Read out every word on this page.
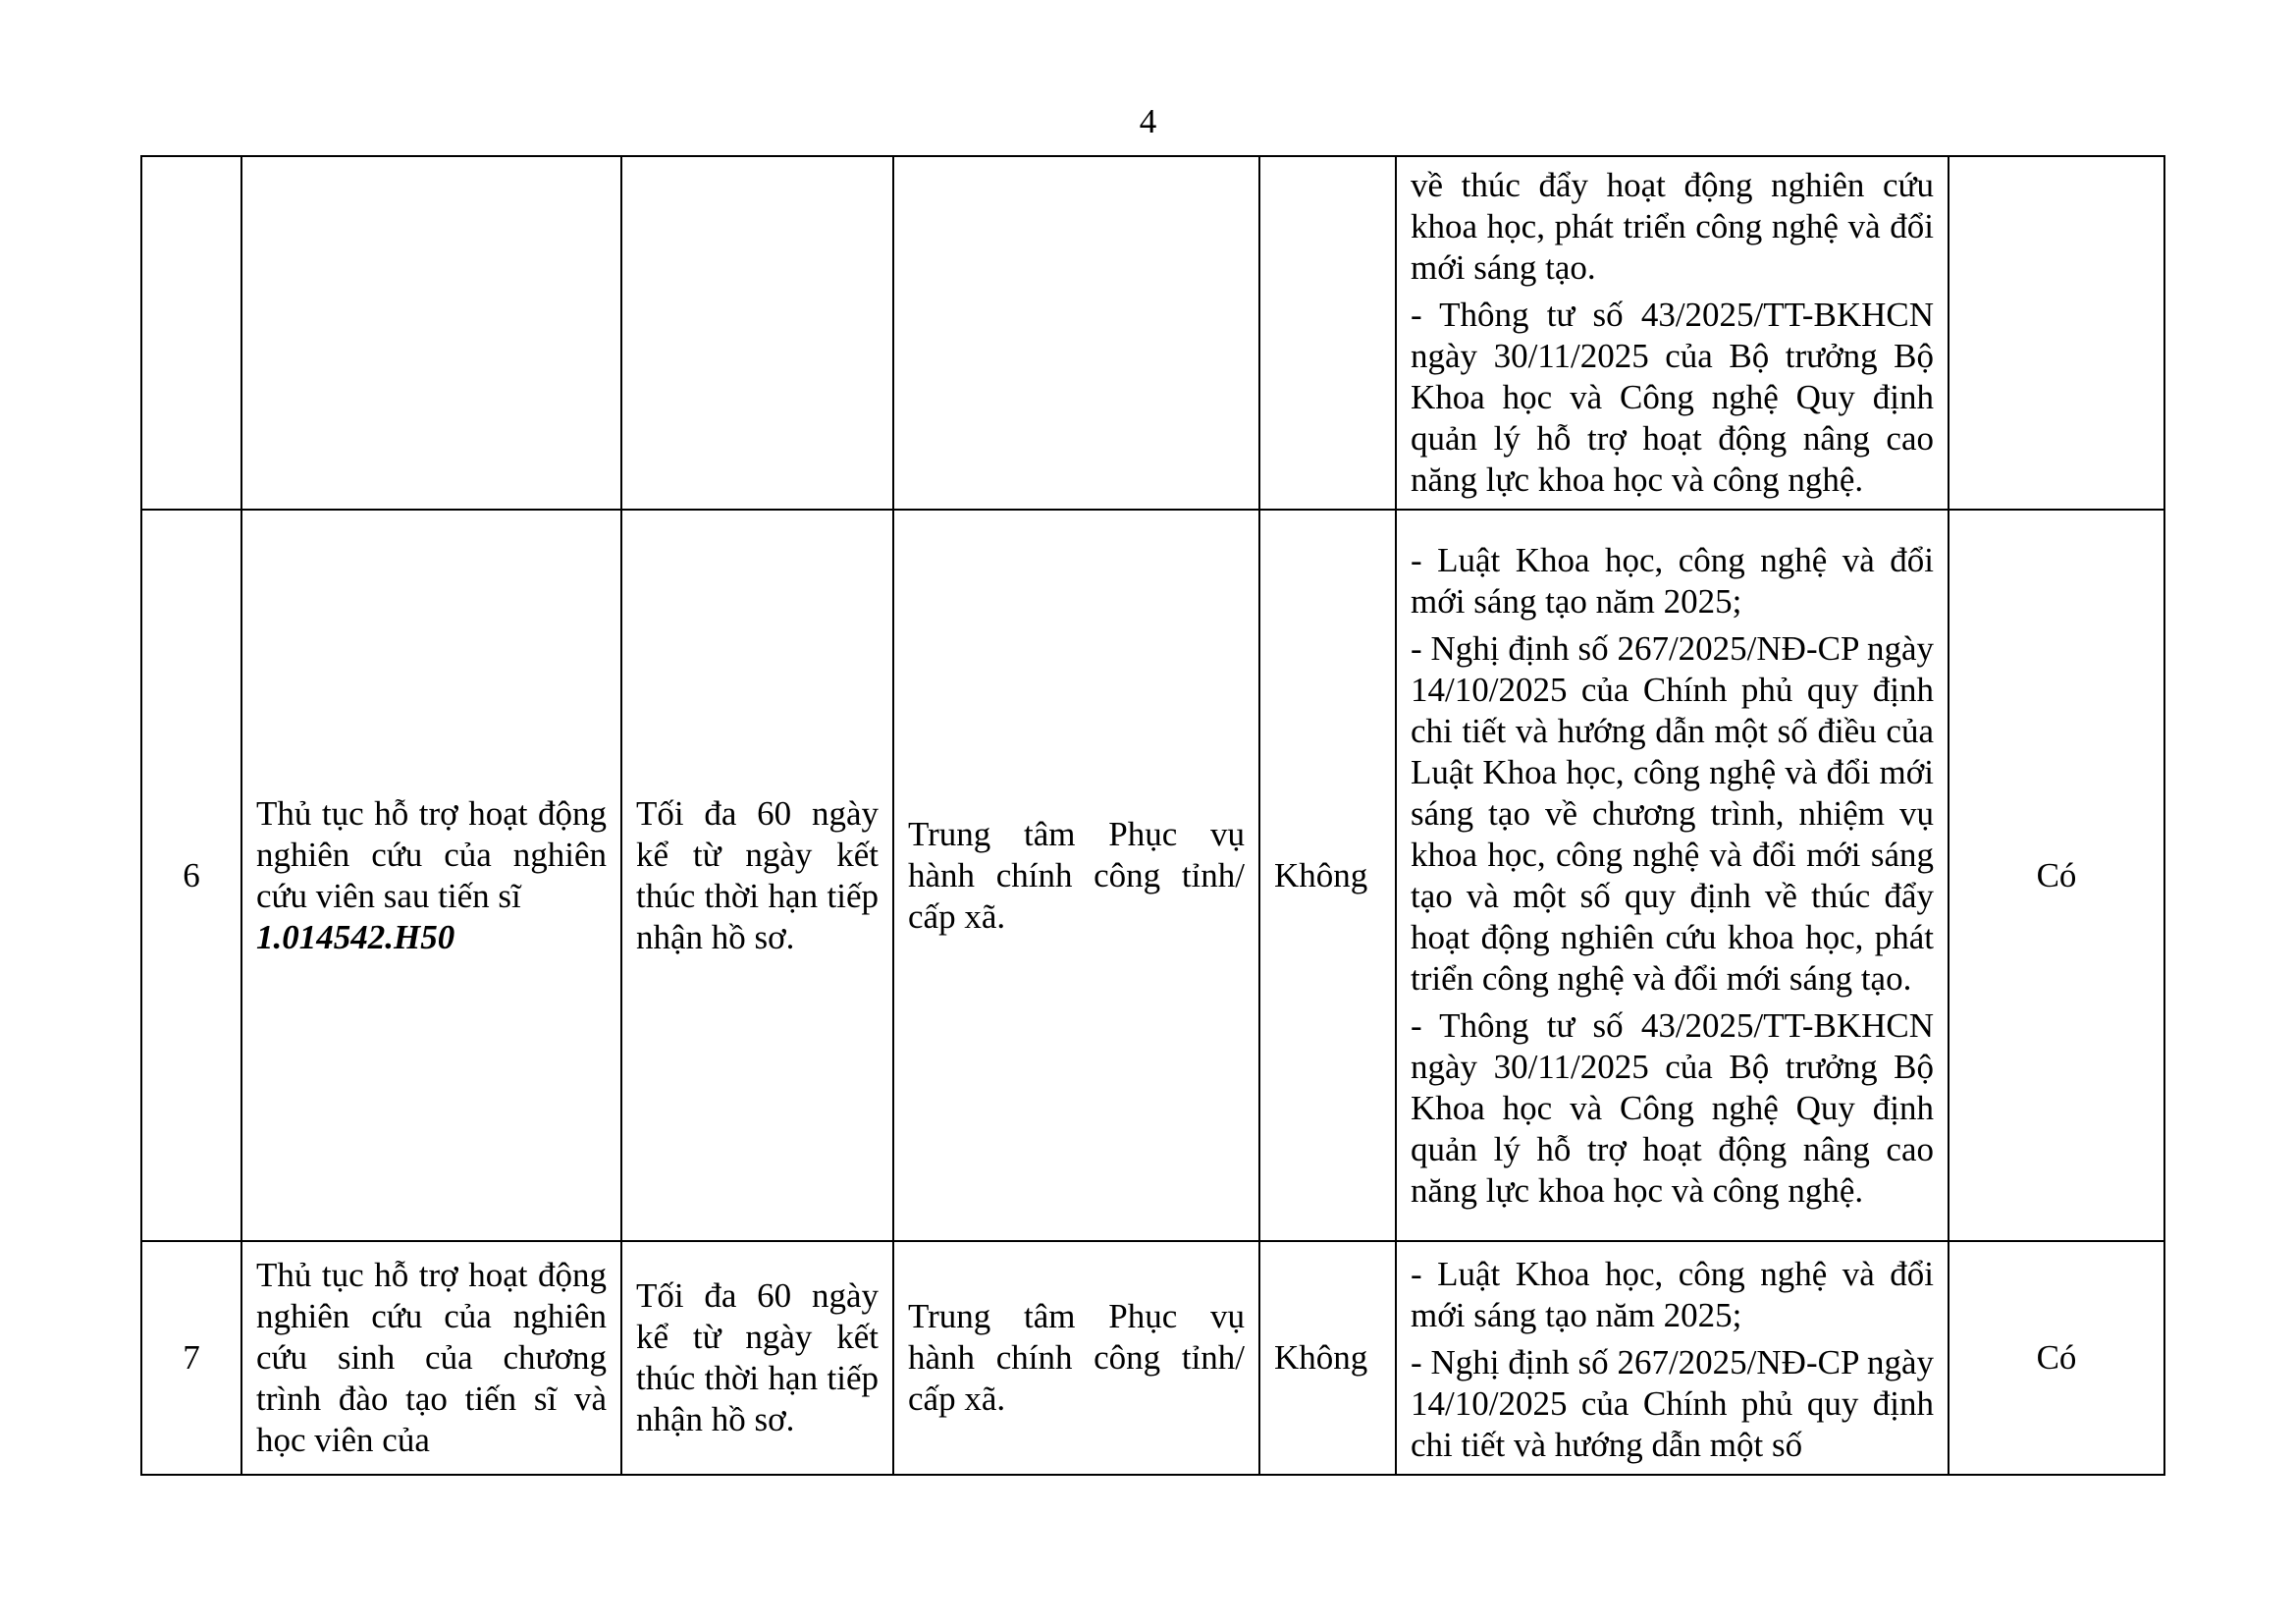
4

					về thúc đẩy hoạt động nghiên cứu khoa học, phát triển công nghệ và đổi mới sáng tạo.
- Thông tư số 43/2025/TT-BKHCN ngày 30/11/2025 của Bộ trưởng Bộ Khoa học và Công nghệ Quy định quản lý hỗ trợ hoạt động nâng cao năng lực khoa học và công nghệ.	

6	Thủ tục hỗ trợ hoạt động nghiên cứu của nghiên cứu viên sau tiến sĩ
1.014542.H50	Tối đa 60 ngày kể từ ngày kết thúc thời hạn tiếp nhận hồ sơ.	Trung tâm Phục vụ hành chính công tỉnh/ cấp xã.	Không	- Luật Khoa học, công nghệ và đổi mới sáng tạo năm 2025;
- Nghị định số 267/2025/NĐ-CP ngày 14/10/2025 của Chính phủ quy định chi tiết và hướng dẫn một số điều của Luật Khoa học, công nghệ và đổi mới sáng tạo về chương trình, nhiệm vụ khoa học, công nghệ và đổi mới sáng tạo và một số quy định về thúc đẩy hoạt động nghiên cứu khoa học, phát triển công nghệ và đổi mới sáng tạo.
- Thông tư số 43/2025/TT-BKHCN ngày 30/11/2025 của Bộ trưởng Bộ Khoa học và Công nghệ Quy định quản lý hỗ trợ hoạt động nâng cao năng lực khoa học và công nghệ.	Có
7	Thủ tục hỗ trợ hoạt động nghiên cứu của nghiên cứu sinh của chương trình đào tạo tiến sĩ và học viên của	Tối đa 60 ngày kể từ ngày kết thúc thời hạn tiếp nhận hồ sơ.	Trung tâm Phục vụ hành chính công tỉnh/ cấp xã.	Không	- Luật Khoa học, công nghệ và đổi mới sáng tạo năm 2025;
- Nghị định số 267/2025/NĐ-CP ngày 14/10/2025 của Chính phủ quy định chi tiết và hướng dẫn một số	Có
